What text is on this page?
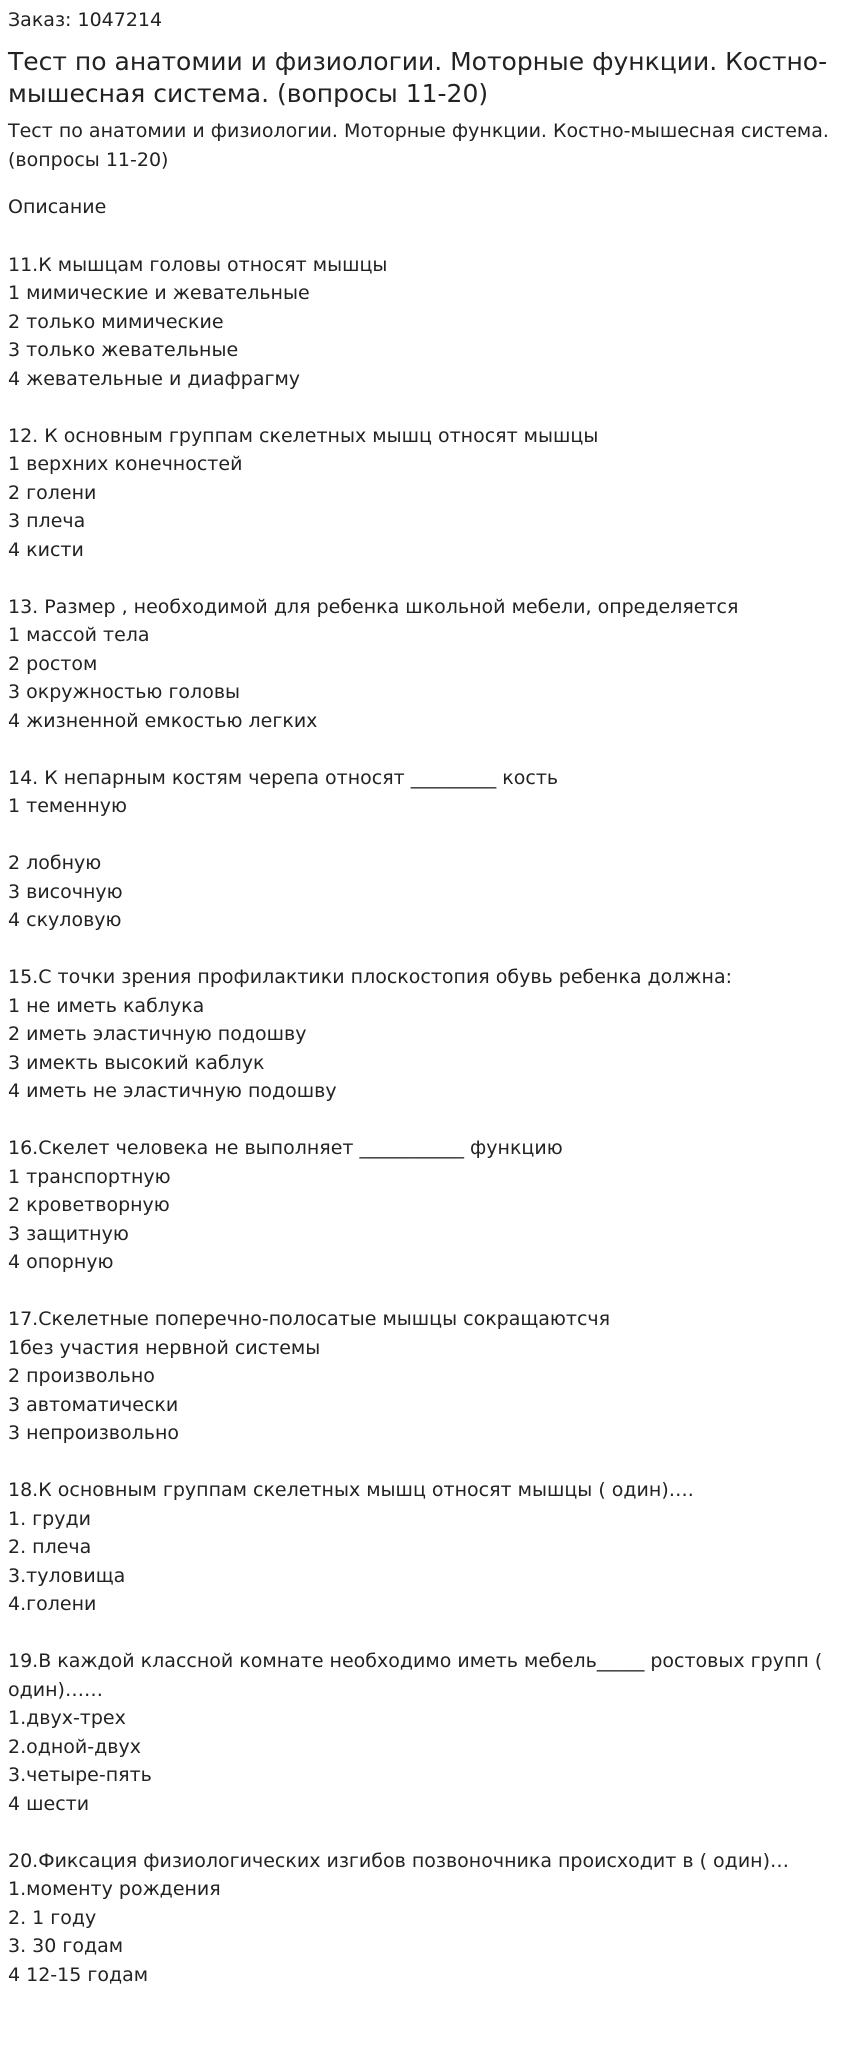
Заказ: 1047214
Тест по анатомии и физиологии. Моторные функции. Костно-мышесная система. (вопросы 11-20)
Тест по анатомии и физиологии. Моторные функции. Костно-мышесная система. (вопросы 11-20)
Описание
11.К мышцам головы относят мышцы
1 мимические и жевательные
2 только мимические
3 только жевательные
4 жевательные и диафрагму
12. К основным группам скелетных мышц относят мышцы
1 верхних конечностей
2 голени
3 плеча
4 кисти
13. Размер , необходимой для ребенка школьной мебели, определяется
1 массой тела
2 ростом
3 окружностью головы
4 жизненной емкостью легких
14. К непарным костям черепа относят _________ кость
1 теменную
2 лобную
3 височную
4 скуловую
15.С точки зрения профилактики плоскостопия обувь ребенка должна:
1 не иметь каблука
2 иметь эластичную подошву
3 имекть высокий каблук
4 иметь не эластичную подошву
16.Скелет человека не выполняет ___________ функцию
1 транспортную
2 кроветворную
3 защитную
4 опорную
17.Скелетные поперечно-полосатые мышцы сокращаютсчя
1без участия нервной системы
2 произвольно
3 автоматически
3 непроизвольно
18.К основным группам скелетных мышц относят мышцы ( один)….
1. груди
2. плеча
3.туловища
4.голени
19.В каждой классной комнате необходимо иметь мебель_____ ростовых групп ( один)……
1.двух-трех
2.одной-двух
3.четыре-пять
4 шести
20.Фиксация физиологических изгибов позвоночника происходит в ( один)…
1.моменту рождения
2. 1 году
3. 30 годам
4 12-15 годам
